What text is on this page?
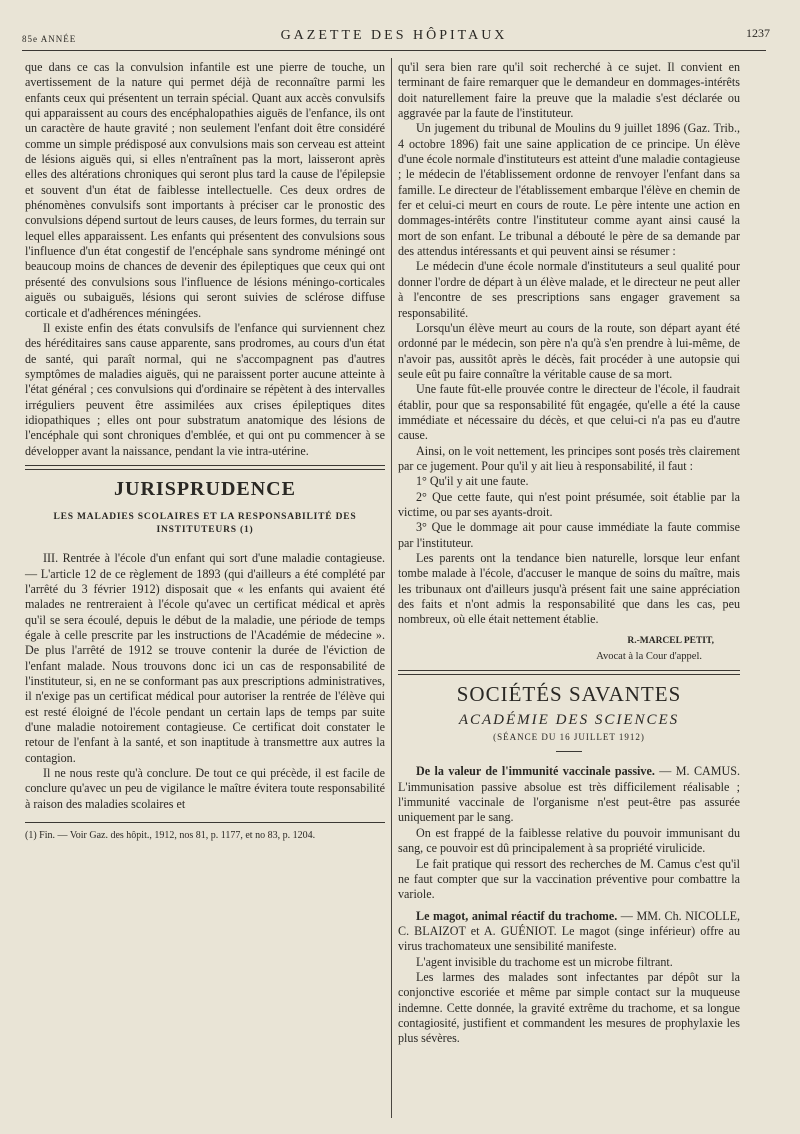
85e ANNÉE	GAZETTE DES HÔPITAUX	1237

que dans ce cas la convulsion infantile est une pierre de touche, un avertissement de la nature qui permet déjà de reconnaître parmi les enfants ceux qui présentent un terrain spécial. Quant aux accès convulsifs qui apparaissent au cours des encéphalopathies aiguës de l'enfance, ils ont un caractère de haute gravité ; non seulement l'enfant doit être considéré comme un simple prédisposé aux convulsions mais son cerveau est atteint de lésions aiguës qui, si elles n'entraînent pas la mort, laisseront après elles des altérations chroniques qui seront plus tard la cause de l'épilepsie et souvent d'un état de faiblesse intellectuelle. Ces deux ordres de phénomènes convulsifs sont importants à préciser car le pronostic des convulsions dépend surtout de leurs causes, de leurs formes, du terrain sur lequel elles apparaissent. Les enfants qui présentent des convulsions sous l'influence d'un état congestif de l'encéphale sans syndrome méningé ont beaucoup moins de chances de devenir des épileptiques que ceux qui ont présenté des convulsions sous l'influence de lésions méningo-corticales aiguës ou subaiguës, lésions qui seront suivies de sclérose diffuse corticale et d'adhérences méningées.

Il existe enfin des états convulsifs de l'enfance qui surviennent chez des héréditaires sans cause apparente, sans prodromes, au cours d'un état de santé, qui paraît normal, qui ne s'accompagnent pas d'autres symptômes de maladies aiguës, qui ne paraissent porter aucune atteinte à l'état général ; ces convulsions qui d'ordinaire se répètent à des intervalles irréguliers peuvent être assimilées aux crises épileptiques dites idiopathiques ; elles ont pour substratum anatomique des lésions de l'encéphale qui sont chroniques d'emblée, et qui ont pu commencer à se développer avant la naissance, pendant la vie intra-utérine.

JURISPRUDENCE
LES MALADIES SCOLAIRES ET LA RESPONSABILITÉ DES INSTITUTEURS (1)

III. Rentrée à l'école d'un enfant qui sort d'une maladie contagieuse. — L'article 12 de ce règlement de 1893 (qui d'ailleurs a été complété par l'arrêté du 3 février 1912) disposait que « les enfants qui avaient été malades ne rentreraient à l'école qu'avec un certificat médical et après qu'il se sera écoulé, depuis le début de la maladie, une période de temps égale à celle prescrite par les instructions de l'Académie de médecine ». De plus l'arrêté de 1912 se trouve contenir la durée de l'éviction de l'enfant malade. Nous trouvons donc ici un cas de responsabilité de l'instituteur, si, en ne se conformant pas aux prescriptions administratives, il n'exige pas un certificat médical pour autoriser la rentrée de l'élève qui est resté éloigné de l'école pendant un certain laps de temps par suite d'une maladie notoirement contagieuse. Ce certificat doit constater le retour de l'enfant à la santé, et son inaptitude à transmettre aux autres la contagion.

Il ne nous reste qu'à conclure. De tout ce qui précède, il est facile de conclure qu'avec un peu de vigilance le maître évitera toute responsabilité à raison des maladies scolaires et

(1) Fin. — Voir Gaz. des hôpit., 1912, nos 81, p. 1177, et no 83, p. 1204.

qu'il sera bien rare qu'il soit recherché à ce sujet. Il convient en terminant de faire remarquer que le demandeur en dommages-intérêts doit naturellement faire la preuve que la maladie s'est déclarée ou aggravée par la faute de l'instituteur.

Un jugement du tribunal de Moulins du 9 juillet 1896 (Gaz. Trib., 4 octobre 1896) fait une saine application de ce principe. Un élève d'une école normale d'instituteurs est atteint d'une maladie contagieuse ; le médecin de l'établissement ordonne de renvoyer l'enfant dans sa famille. Le directeur de l'établissement embarque l'élève en chemin de fer et celui-ci meurt en cours de route. Le père intente une action en dommages-intérêts contre l'instituteur comme ayant ainsi causé la mort de son enfant. Le tribunal a débouté le père de sa demande par des attendus intéressants et qui peuvent ainsi se résumer :

Le médecin d'une école normale d'instituteurs a seul qualité pour donner l'ordre de départ à un élève malade, et le directeur ne peut aller à l'encontre de ses prescriptions sans engager gravement sa responsabilité.

Lorsqu'un élève meurt au cours de la route, son départ ayant été ordonné par le médecin, son père n'a qu'à s'en prendre à lui-même, de n'avoir pas, aussitôt après le décès, fait procéder à une autopsie qui seule eût pu faire connaître la véritable cause de sa mort.

Une faute fût-elle prouvée contre le directeur de l'école, il faudrait établir, pour que sa responsabilité fût engagée, qu'elle a été la cause immédiate et nécessaire du décès, et que celui-ci n'a pas eu d'autre cause.

Ainsi, on le voit nettement, les principes sont posés très clairement par ce jugement. Pour qu'il y ait lieu à responsabilité, il faut :

1° Qu'il y ait une faute.

2° Que cette faute, qui n'est point présumée, soit établie par la victime, ou par ses ayants-droit.

3° Que le dommage ait pour cause immédiate la faute commise par l'instituteur.

Les parents ont la tendance bien naturelle, lorsque leur enfant tombe malade à l'école, d'accuser le manque de soins du maître, mais les tribunaux ont d'ailleurs jusqu'à présent fait une saine appréciation des faits et n'ont admis la responsabilité que dans les cas, peu nombreux, où elle était nettement établie.

R.-MARCEL PETIT,
Avocat à la Cour d'appel.
SOCIÉTÉS SAVANTES
ACADÉMIE DES SCIENCES
(SÉANCE DU 16 JUILLET 1912)

De la valeur de l'immunité vaccinale passive. — M. CAMUS. L'immunisation passive absolue est très difficilement réalisable ; l'immunité vaccinale de l'organisme n'est peut-être pas assurée uniquement par le sang.

On est frappé de la faiblesse relative du pouvoir immunisant du sang, ce pouvoir est dû principalement à sa propriété virulicide.

Le fait pratique qui ressort des recherches de M. Camus c'est qu'il ne faut compter que sur la vaccination préventive pour combattre la variole.

Le magot, animal réactif du trachome. — MM. Ch. NICOLLE, C. BLAIZOT et A. GUÉNIOT. Le magot (singe inférieur) offre au virus trachomateux une sensibilité manifeste.

L'agent invisible du trachome est un microbe filtrant.

Les larmes des malades sont infectantes par dépôt sur la conjonctive escoriée et même par simple contact sur la muqueuse indemne. Cette donnée, la gravité extrême du trachome, et sa longue contagiosité, justifient et commandent les mesures de prophylaxie les plus sévères.
